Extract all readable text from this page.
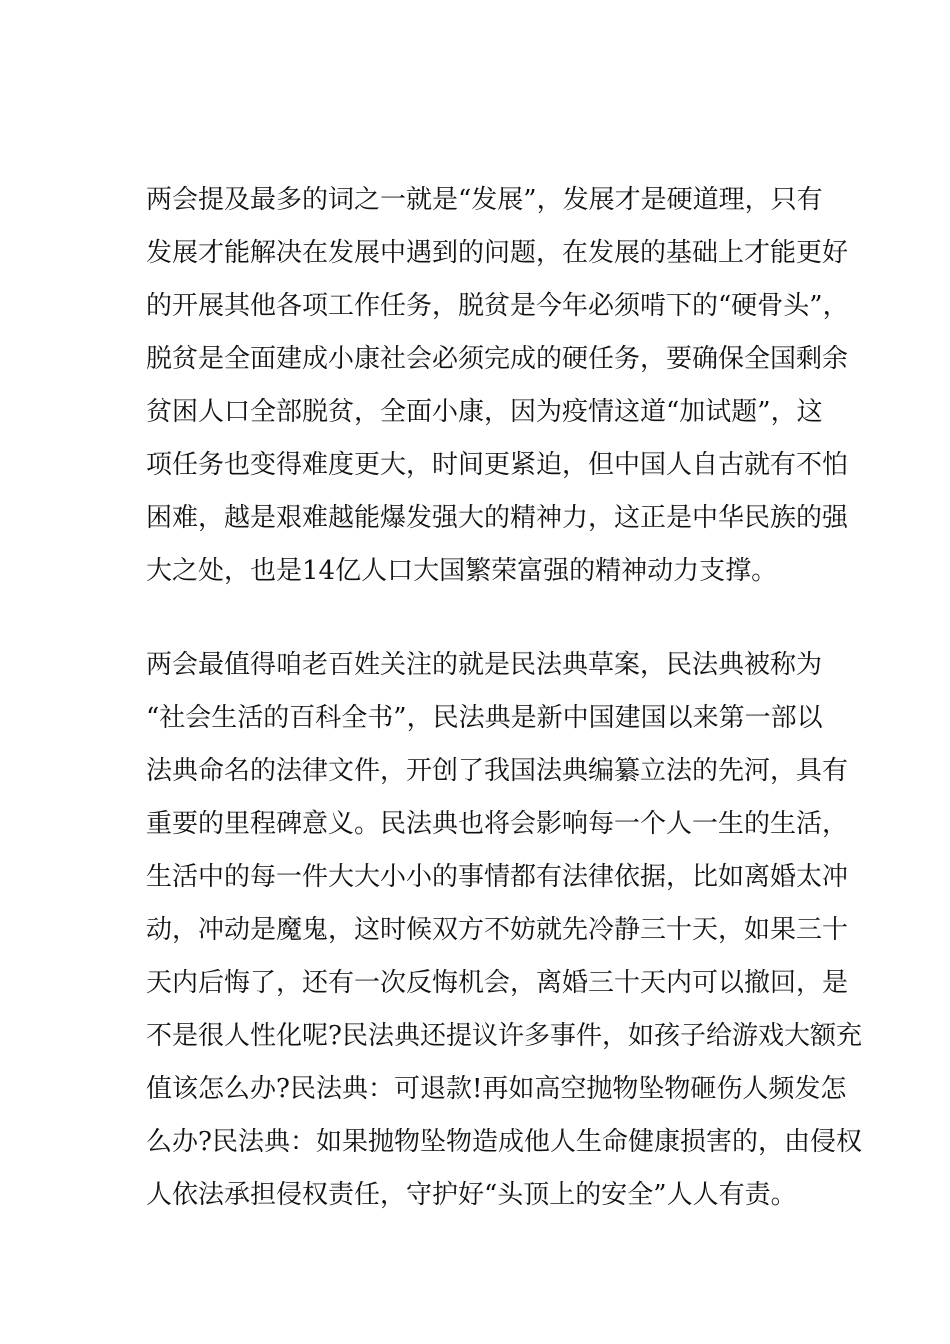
两会提及最多的词之一就是“发展”，发展才是硬道理，只有

发展才能解决在发展中遇到的问题，在发展的基础上才能更好

的开展其他各项工作任务，脱贫是今年必须啃下的“硬骨头”，

脱贫是全面建成小康社会必须完成的硬任务，要确保全国剩余

贫困人口全部脱贫，全面小康，因为疫情这道“加试题”，这

项任务也变得难度更大，时间更紧迫，但中国人自古就有不怕

困难，越是艰难越能爆发强大的精神力，这正是中华民族的强

大之处，也是14亿人口大国繁荣富强的精神动力支撑。

两会最值得咱老百姓关注的就是民法典草案，民法典被称为

“社会生活的百科全书”，民法典是新中国建国以来第一部以

法典命名的法律文件，开创了我国法典编纂立法的先河，具有

重要的里程碑意义。民法典也将会影响每一个人一生的生活，

生活中的每一件大大小小的事情都有法律依据，比如离婚太冲

动，冲动是魔鬼，这时候双方不妨就先冷静三十天，如果三十

天内后悔了，还有一次反悔机会，离婚三十天内可以撤回，是

不是很人性化呢?民法典还提议许多事件，如孩子给游戏大额充

值该怎么办?民法典：可退款!再如高空抛物坠物砸伤人频发怎

么办?民法典：如果抛物坠物造成他人生命健康损害的，由侵权

人依法承担侵权责任，守护好“头顶上的安全”人人有责。
